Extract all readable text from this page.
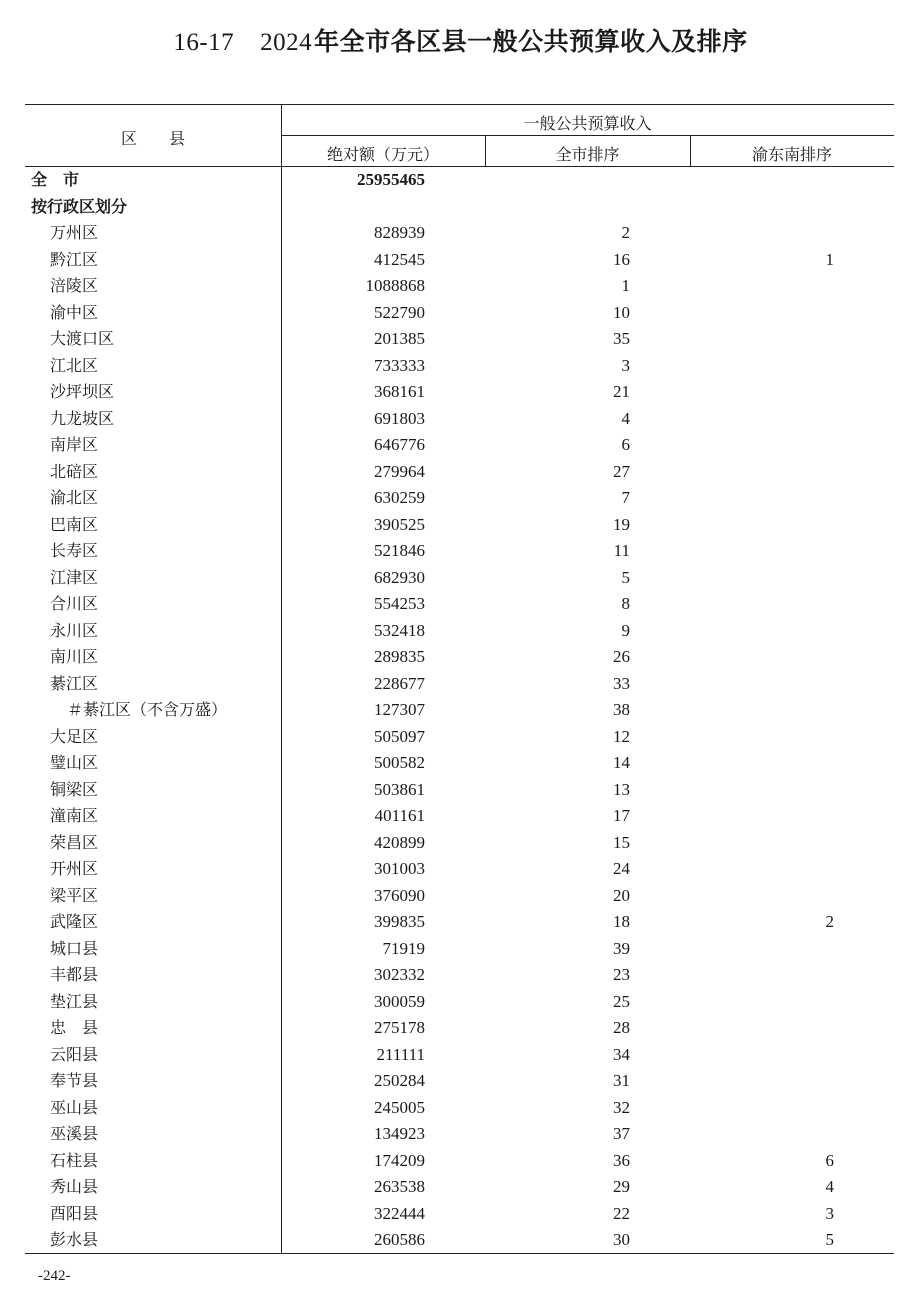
16-17 2024年全市各区县一般公共预算收入及排序
区　　县
一般公共预算收入
绝对额（万元）	全市排序	渝东南排序
全　市	25955465
按行政区划分
万州区	828939	2
黔江区	412545	16	1
涪陵区	1088868	1
渝中区	522790	10
大渡口区	201385	35
江北区	733333	3
沙坪坝区	368161	21
九龙坡区	691803	4
南岸区	646776	6
北碚区	279964	27
渝北区	630259	7
巴南区	390525	19
长寿区	521846	11
江津区	682930	5
合川区	554253	8
永川区	532418	9
南川区	289835	26
綦江区	228677	33
＃綦江区（不含万盛）	127307	38
大足区	505097	12
璧山区	500582	14
铜梁区	503861	13
潼南区	401161	17
荣昌区	420899	15
开州区	301003	24
梁平区	376090	20
武隆区	399835	18	2
城口县	71919	39
丰都县	302332	23
垫江县	300059	25
忠　县	275178	28
云阳县	211111	34
奉节县	250284	31
巫山县	245005	32
巫溪县	134923	37
石柱县	174209	36	6
秀山县	263538	29	4
酉阳县	322444	22	3
彭水县	260586	30	5
-242-
